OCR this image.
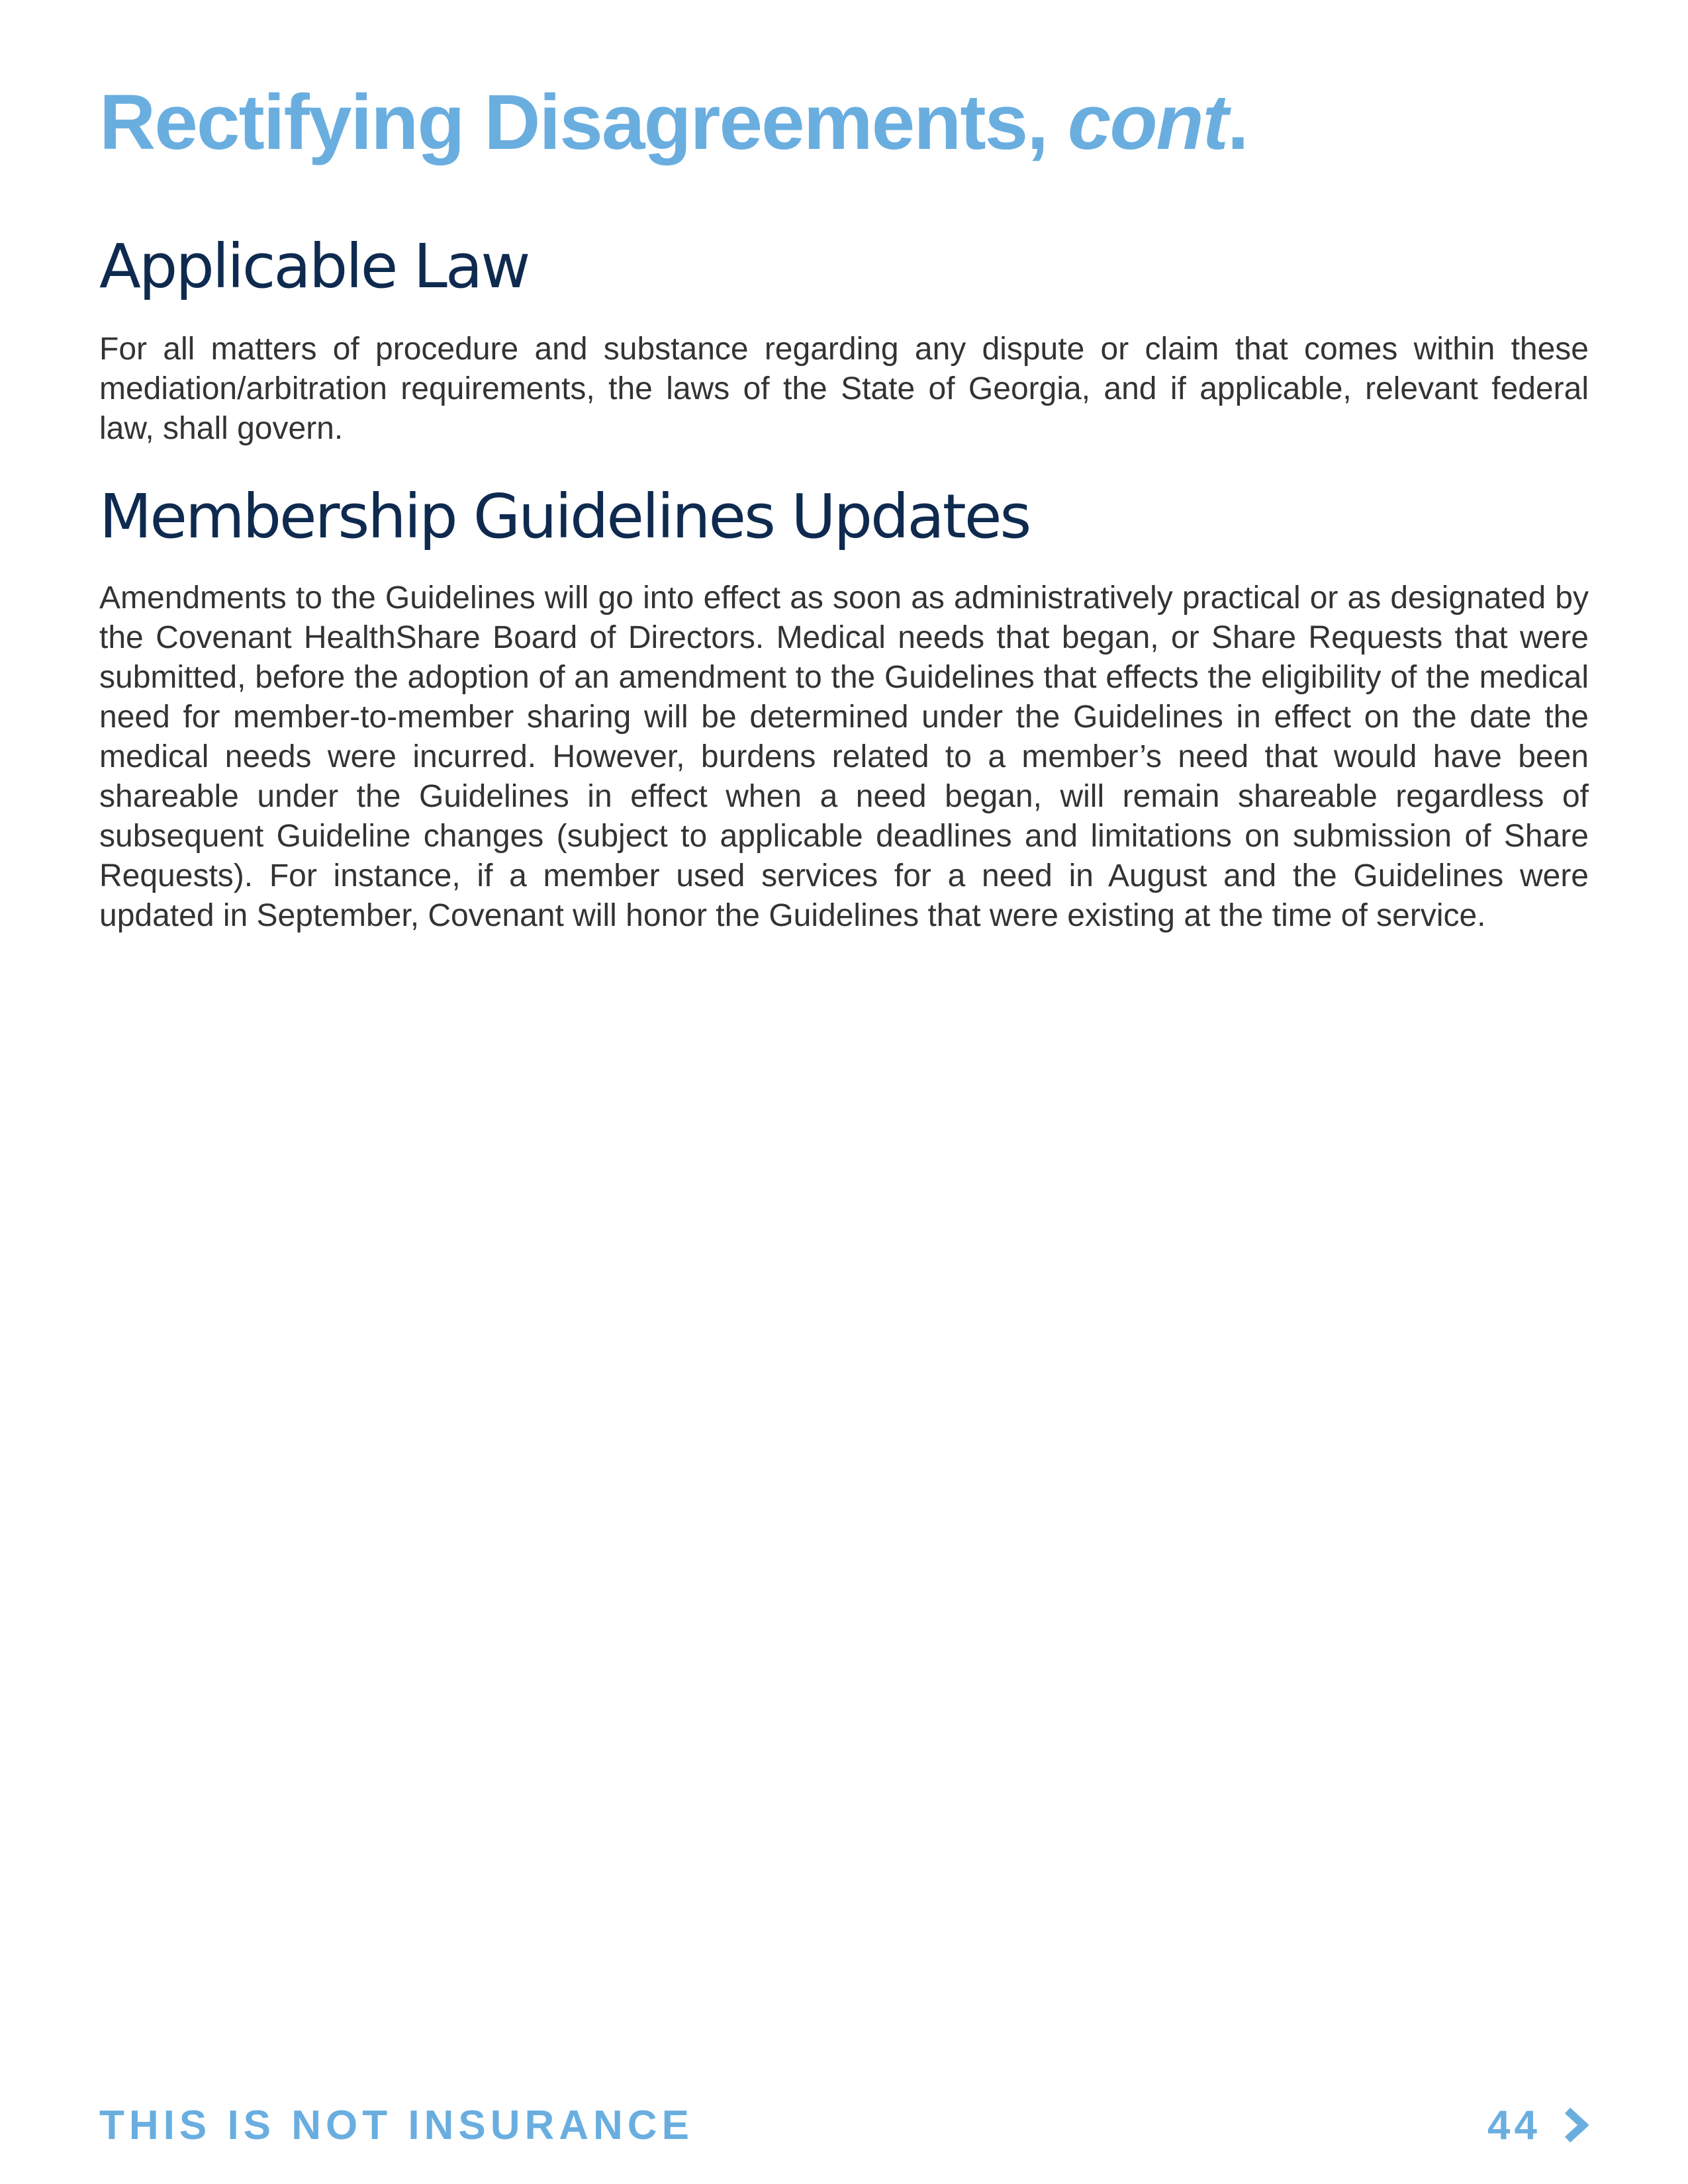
Rectifying Disagreements, cont.
Applicable Law

For all matters of procedure and substance regarding any dispute or claim that comes within these mediation/arbitration requirements, the laws of the State of Georgia, and if applicable, relevant federal law, shall govern.

Membership Guidelines Updates

Amendments to the Guidelines will go into effect as soon as administratively practical or as designated by the Covenant HealthShare Board of Directors. Medical needs that began, or Share Requests that were submitted, before the adoption of an amendment to the Guidelines that effects the eligibility of the medical need for member-to-member sharing will be determined under the Guidelines in effect on the date the medical needs were incurred. However, burdens related to a member’s need that would have been shareable under the Guidelines in effect when a need began, will remain shareable regardless of subsequent Guideline changes (subject to applicable deadlines and limitations on submission of Share Requests). For instance, if a member used services for a need in August and the Guidelines were updated in September, Covenant will honor the Guidelines that were existing at the time of service.

THIS IS NOT INSURANCE	44
